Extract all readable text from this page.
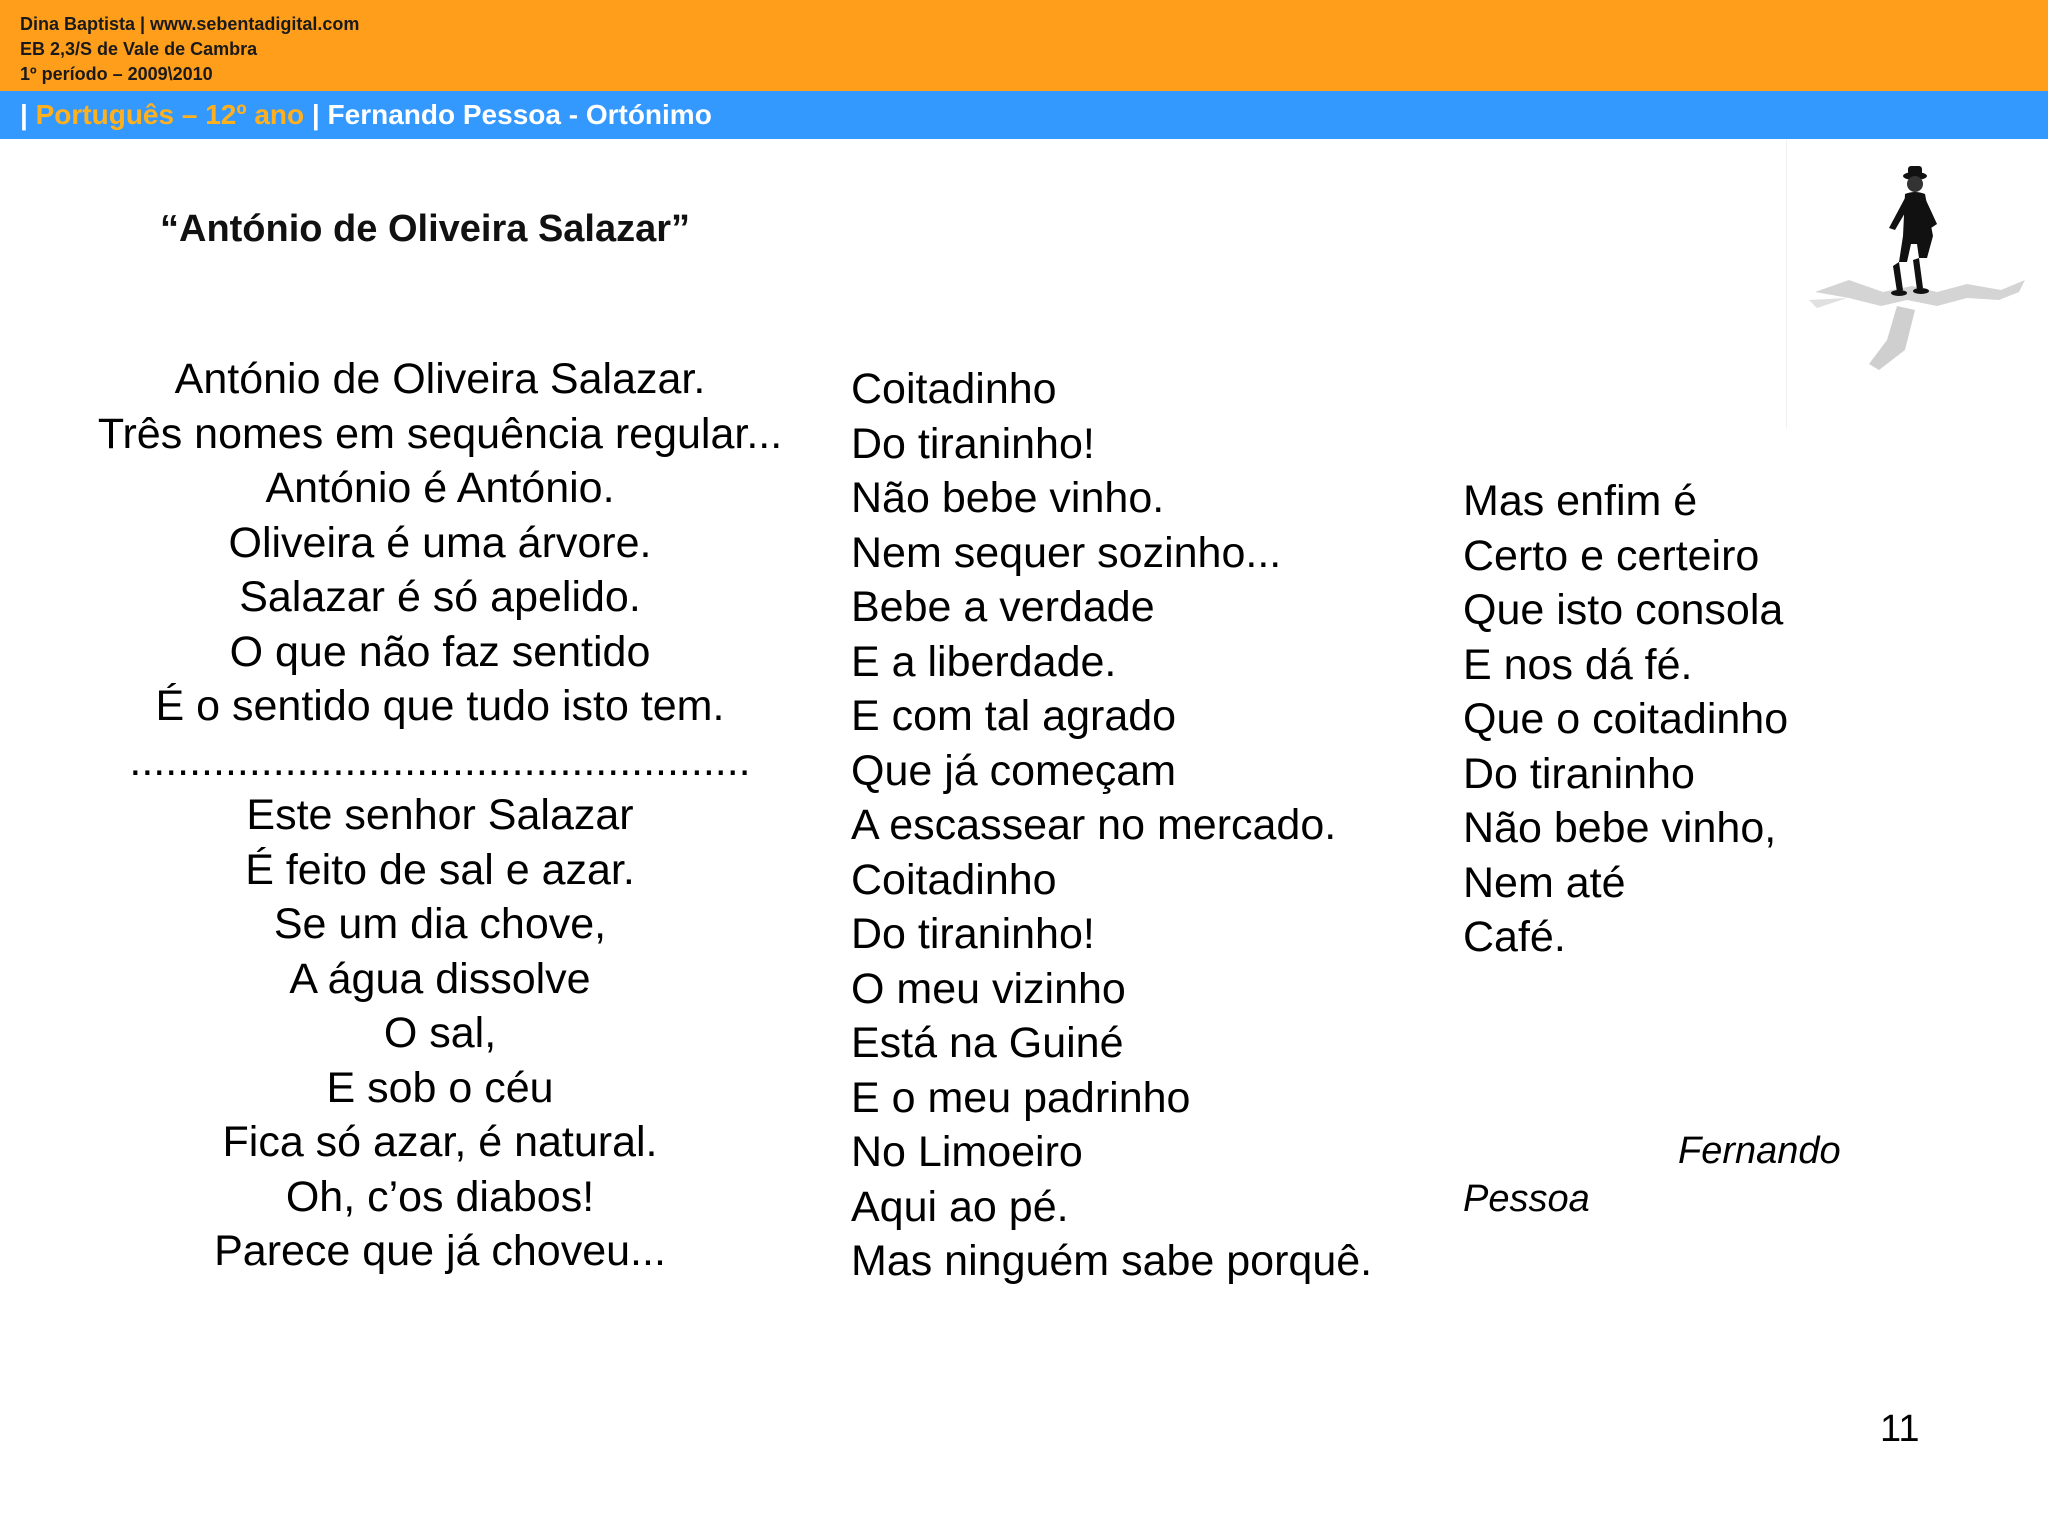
Dina Baptista | www.sebentadigital.com
EB 2,3/S de Vale de Cambra
1º período – 2009\2010
| Português – 12º ano | Fernando Pessoa - Ortónimo
“António de Oliveira Salazar”
António de Oliveira Salazar.
Três nomes em sequência regular...
António é António.
Oliveira é uma árvore.
Salazar é só apelido.
O que não faz sentido
É o sentido que tudo isto tem.
....................................................
Este senhor Salazar
É feito de sal e azar.
Se um dia chove,
A água dissolve
O sal,
E sob o céu
Fica só azar, é natural.
Oh, c’os diabos!
Parece que já choveu...
Coitadinho
Do tiraninho!
Não bebe vinho.
Nem sequer sozinho...
Bebe a verdade
E a liberdade.
E com tal agrado
Que já começam
A escassear no mercado.
Coitadinho
Do tiraninho!
O meu vizinho
Está na Guiné
E o meu padrinho
No Limoeiro
Aqui ao pé.
Mas ninguém sabe porquê.
Mas enfim é
Certo e certeiro
Que isto consola
E nos dá fé.
Que o coitadinho
Do tiraninho
Não bebe vinho,
Nem até
Café.
Fernando
Pessoa
11
